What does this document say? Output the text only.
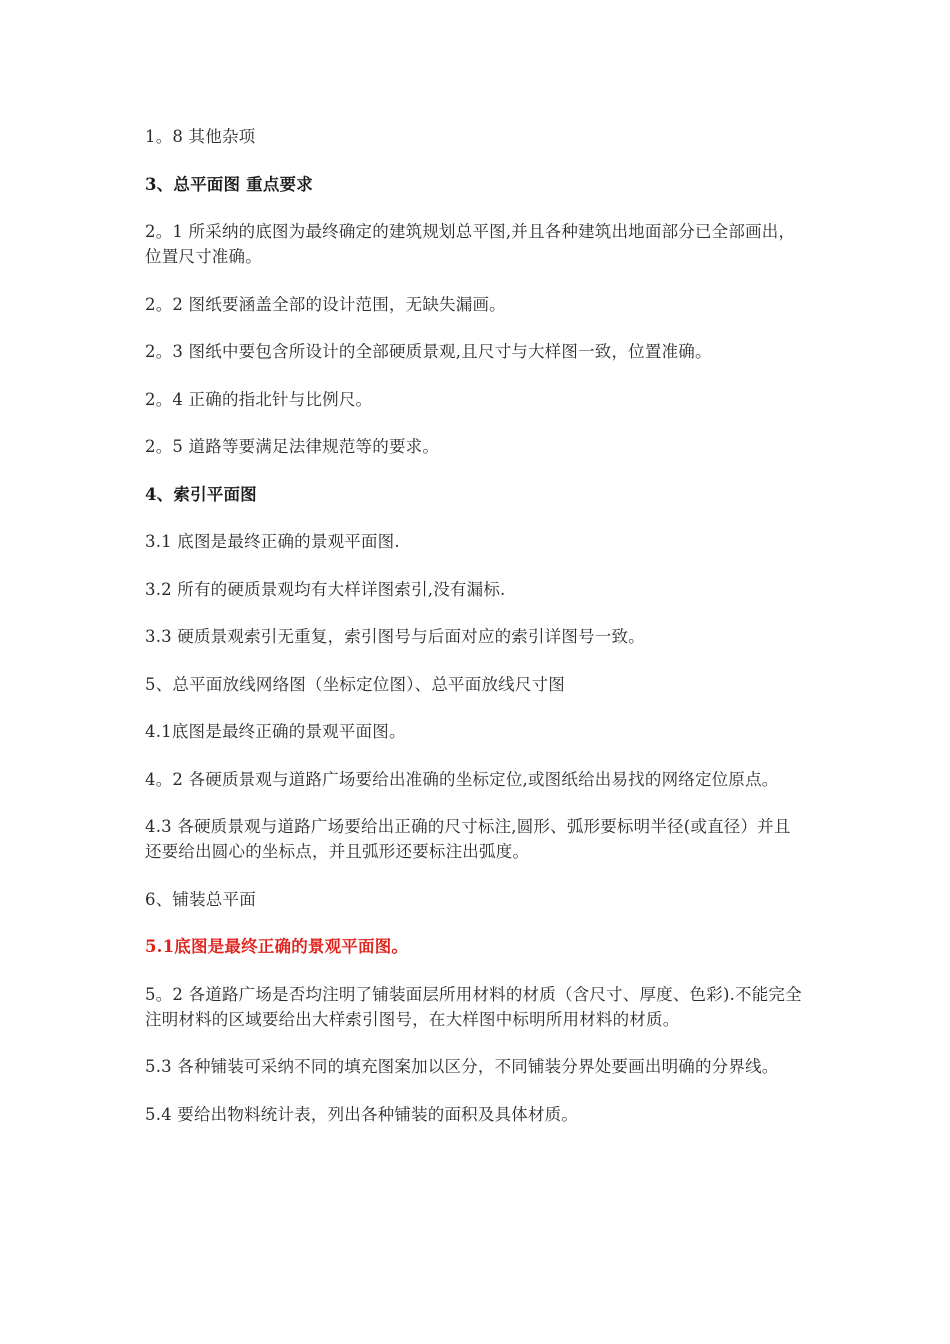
1。8 其他杂项

3、总平面图 重点要求

2。1 所采纳的底图为最终确定的建筑规划总平图,并且各种建筑出地面部分已全部画出，位置尺寸准确。

2。2 图纸要涵盖全部的设计范围，无缺失漏画。

2。3 图纸中要包含所设计的全部硬质景观,且尺寸与大样图一致，位置准确。

2。4 正确的指北针与比例尺。

2。5 道路等要满足法律规范等的要求。

4、索引平面图

3.1 底图是最终正确的景观平面图.

3.2 所有的硬质景观均有大样详图索引,没有漏标.

3.3 硬质景观索引无重复，索引图号与后面对应的索引详图号一致。

5、总平面放线网络图（坐标定位图）、总平面放线尺寸图

4.1底图是最终正确的景观平面图。

4。2 各硬质景观与道路广场要给出准确的坐标定位,或图纸给出易找的网络定位原点。

4.3 各硬质景观与道路广场要给出正确的尺寸标注,圆形、弧形要标明半径(或直径）并且还要给出圆心的坐标点，并且弧形还要标注出弧度。

6、铺装总平面

5.1底图是最终正确的景观平面图。

5。2 各道路广场是否均注明了铺装面层所用材料的材质（含尺寸、厚度、色彩).不能完全注明材料的区域要给出大样索引图号，在大样图中标明所用材料的材质。

5.3 各种铺装可采纳不同的填充图案加以区分，不同铺装分界处要画出明确的分界线。

5.4 要给出物料统计表，列出各种铺装的面积及具体材质。
